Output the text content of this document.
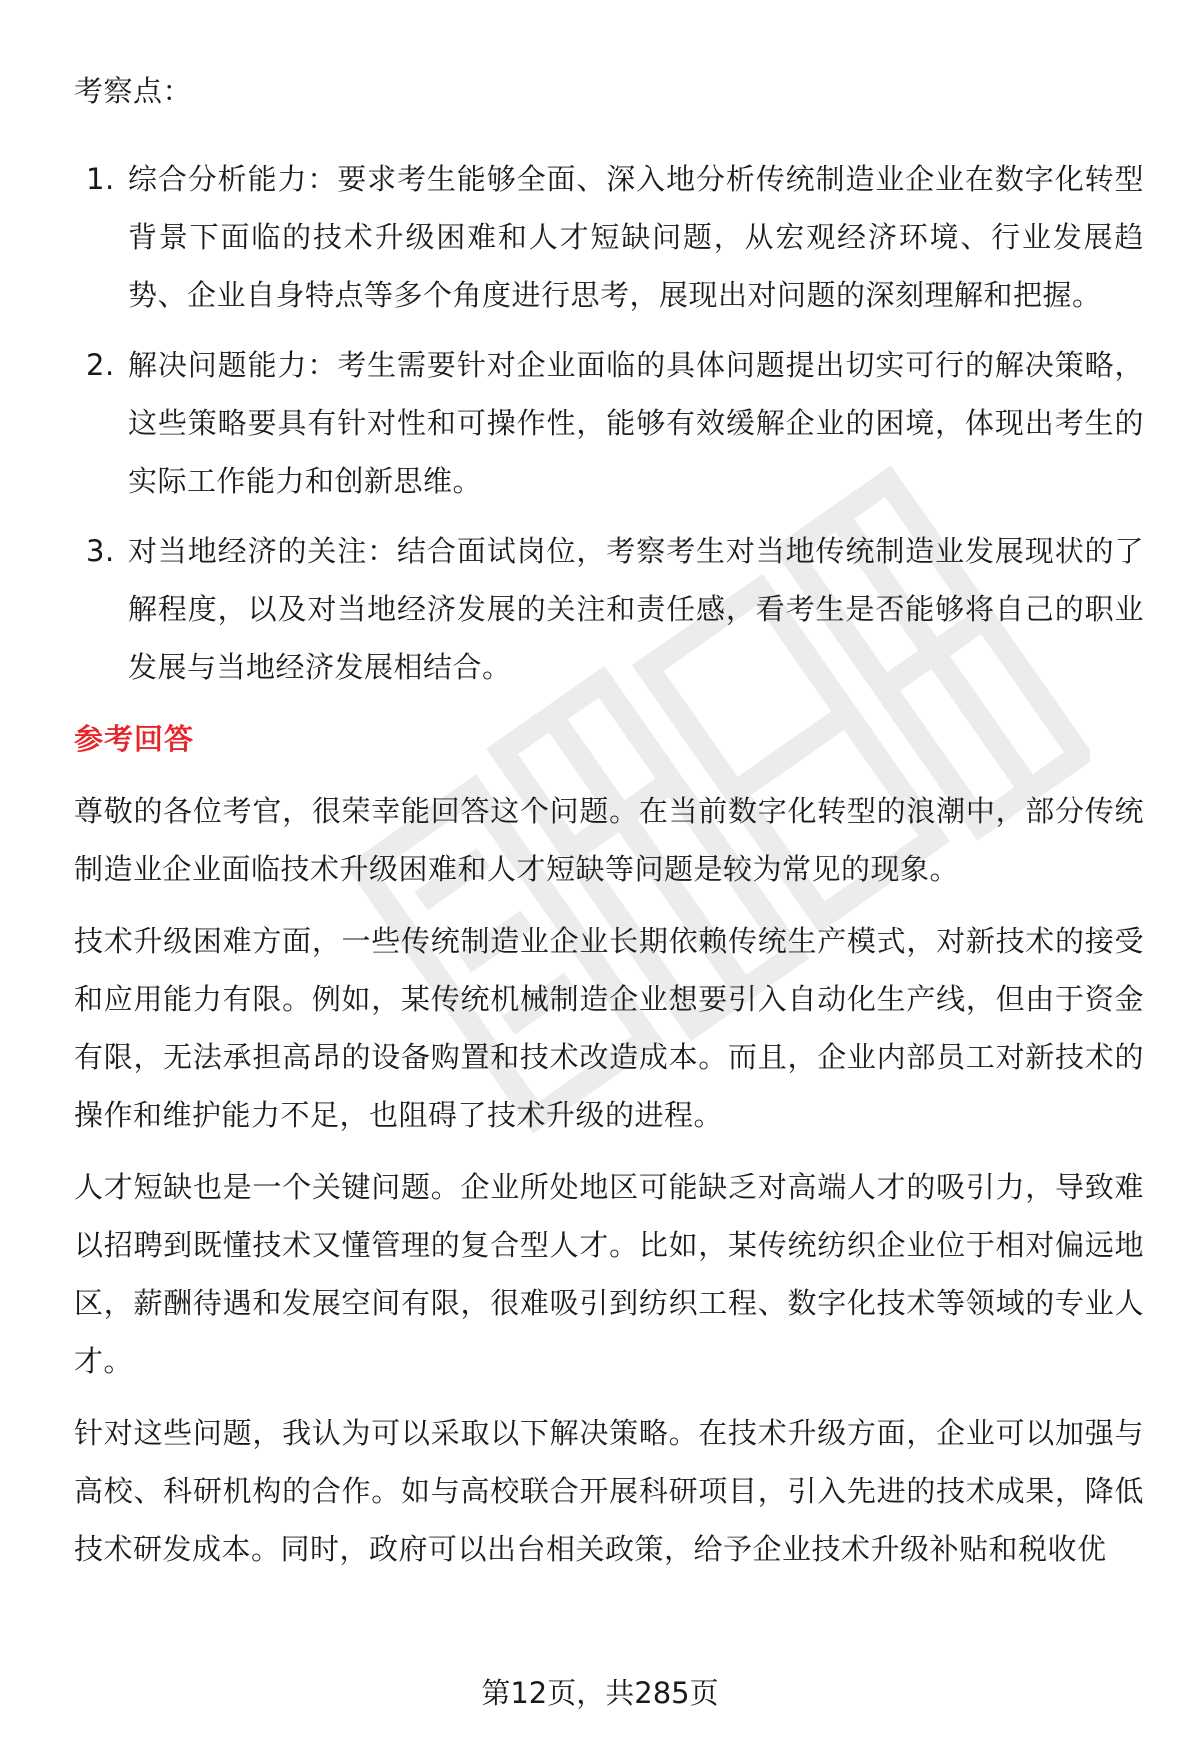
考察点：
1. 综合分析能力：要求考生能够全面、深入地分析传统制造业企业在数字化转型背景下面临的技术升级困难和人才短缺问题，从宏观经济环境、行业发展趋势、企业自身特点等多个角度进行思考，展现出对问题的深刻理解和把握。
2. 解决问题能力：考生需要针对企业面临的具体问题提出切实可行的解决策略，这些策略要具有针对性和可操作性，能够有效缓解企业的困境，体现出考生的实际工作能力和创新思维。
3. 对当地经济的关注：结合面试岗位，考察考生对当地传统制造业发展现状的了解程度，以及对当地经济发展的关注和责任感，看考生是否能够将自己的职业发展与当地经济发展相结合。
参考回答

尊敬的各位考官，很荣幸能回答这个问题。在当前数字化转型的浪潮中，部分传统制造业企业面临技术升级困难和人才短缺等问题是较为常见的现象。

技术升级困难方面，一些传统制造业企业长期依赖传统生产模式，对新技术的接受和应用能力有限。例如，某传统机械制造企业想要引入自动化生产线，但由于资金有限，无法承担高昂的设备购置和技术改造成本。而且，企业内部员工对新技术的操作和维护能力不足，也阻碍了技术升级的进程。

人才短缺也是一个关键问题。企业所处地区可能缺乏对高端人才的吸引力，导致难以招聘到既懂技术又懂管理的复合型人才。比如，某传统纺织企业位于相对偏远地区，薪酬待遇和发展空间有限，很难吸引到纺织工程、数字化技术等领域的专业人才。

针对这些问题，我认为可以采取以下解决策略。在技术升级方面，企业可以加强与高校、科研机构的合作。如与高校联合开展科研项目，引入先进的技术成果，降低技术研发成本。同时，政府可以出台相关政策，给予企业技术升级补贴和税收优

第12页，共285页
